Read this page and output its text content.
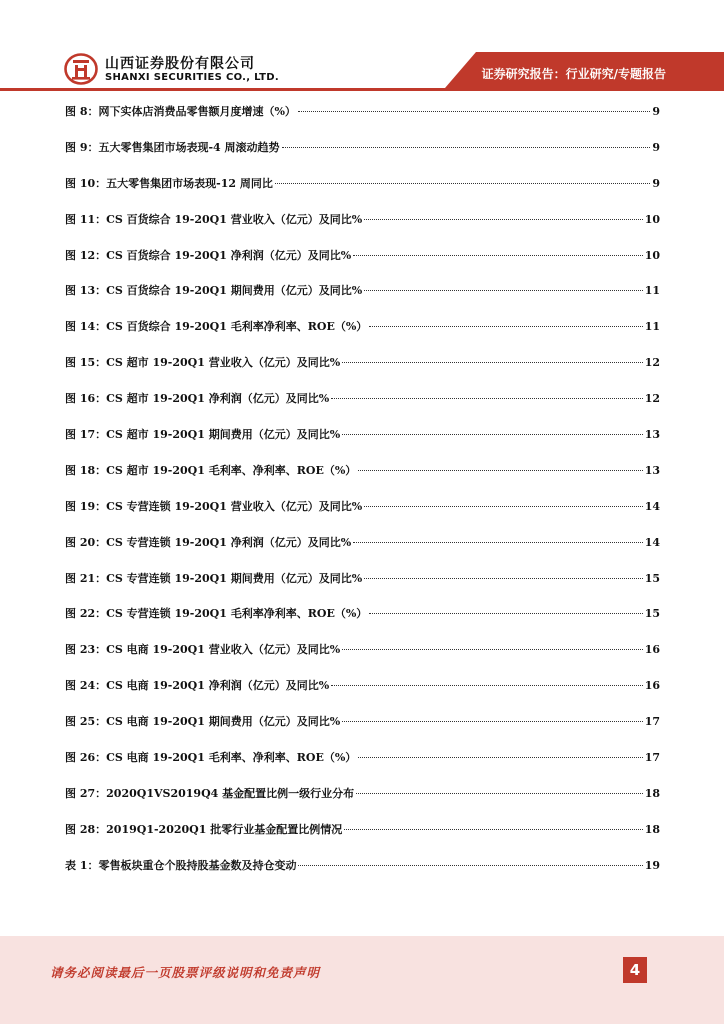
山西证券股份有限公司
SHANXI SECURITIES CO., LTD.	证券研究报告：行业研究/专题报告
图 8：网下实体店消费品零售额月度增速（%）	9
图 9：五大零售集团市场表现-4 周滚动趋势	9
图 10：五大零售集团市场表现-12 周同比	9
图 11：CS 百货综合 19-20Q1 营业收入（亿元）及同比%	10
图 12：CS 百货综合 19-20Q1 净利润（亿元）及同比%	10
图 13：CS 百货综合 19-20Q1 期间费用（亿元）及同比%	11
图 14：CS 百货综合 19-20Q1 毛利率净利率、ROE（%）	11
图 15：CS 超市 19-20Q1 营业收入（亿元）及同比%	12
图 16：CS 超市 19-20Q1 净利润（亿元）及同比%	12
图 17：CS 超市 19-20Q1 期间费用（亿元）及同比%	13
图 18：CS 超市 19-20Q1 毛利率、净利率、ROE（%）	13
图 19：CS 专营连锁 19-20Q1 营业收入（亿元）及同比%	14
图 20：CS 专营连锁 19-20Q1 净利润（亿元）及同比%	14
图 21：CS 专营连锁 19-20Q1 期间费用（亿元）及同比%	15
图 22：CS 专营连锁 19-20Q1 毛利率净利率、ROE（%）	15
图 23：CS 电商 19-20Q1 营业收入（亿元）及同比%	16
图 24：CS 电商 19-20Q1 净利润（亿元）及同比%	16
图 25：CS 电商 19-20Q1 期间费用（亿元）及同比%	17
图 26：CS 电商 19-20Q1 毛利率、净利率、ROE（%）	17
图 27：2020Q1VS2019Q4 基金配置比例一级行业分布	18
图 28：2019Q1-2020Q1 批零行业基金配置比例情况	18
表 1：零售板块重仓个股持股基金数及持仓变动	19
请务必阅读最后一页股票评级说明和免责声明	4
